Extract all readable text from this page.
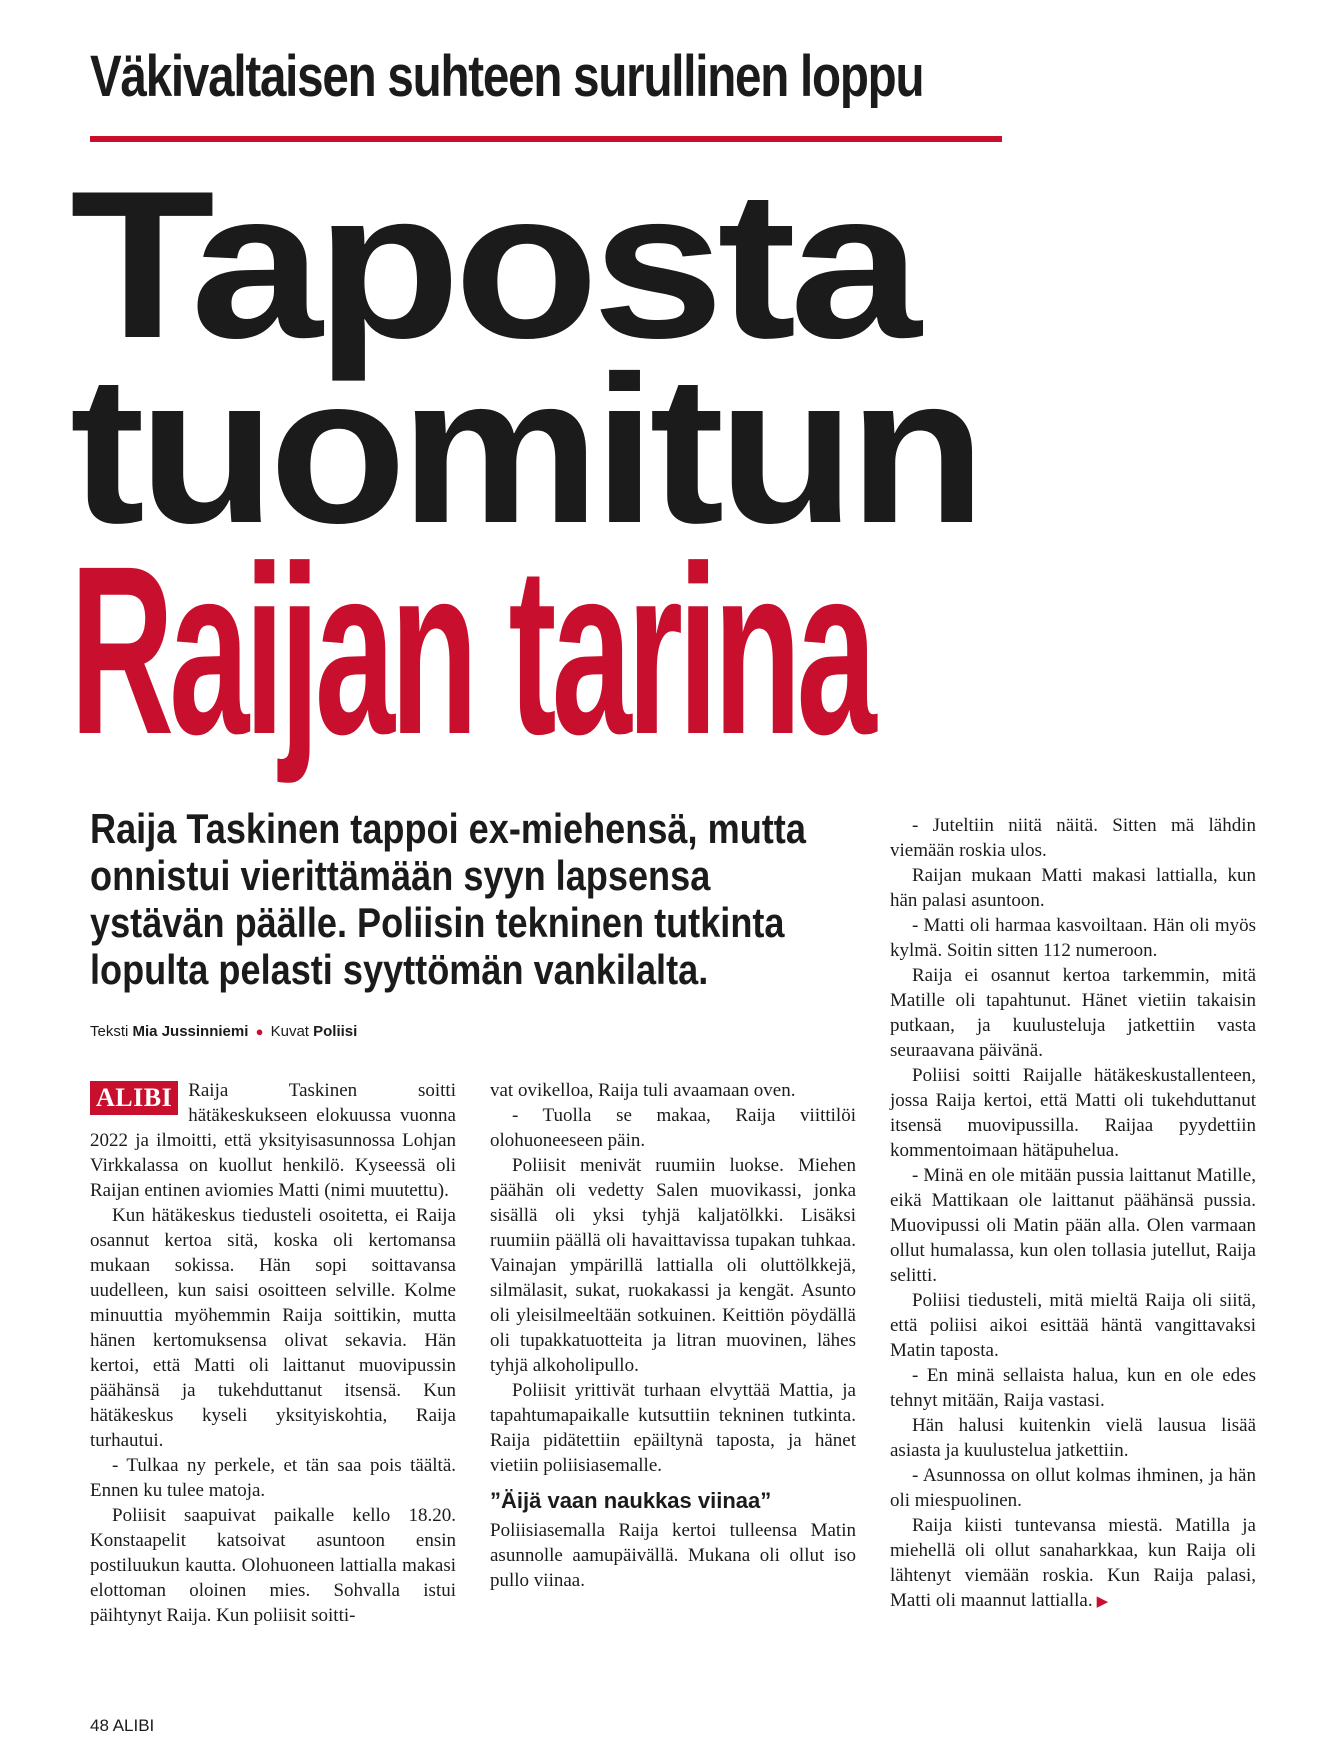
Väkivaltaisen suhteen surullinen loppu
Taposta
tuomitun
Raijan tarina
Raija Taskinen tappoi ex-miehensä, mutta
onnistui vierittämään syyn lapsensa
ystävän päälle. Poliisin tekninen tutkinta
lopulta pelasti syyttömän vankilalta.
Teksti Mia Jussinniemi ● Kuvat Poliisi
ALIBI Raija Taskinen soitti hätäkeskukseen elokuussa vuonna 2022 ja ilmoitti, että yksityisasunnossa Lohjan Virkkalassa on kuollut henkilö. Kyseessä oli Raijan entinen aviomies Matti (nimi muutettu).

Kun hätäkeskus tiedusteli osoitetta, ei Raija osannut kertoa sitä, koska oli kertomansa mukaan sokissa. Hän sopi soittavansa uudelleen, kun saisi osoitteen selville. Kolme minuuttia myöhemmin Raija soittikin, mutta hänen kertomuksensa olivat sekavia. Hän kertoi, että Matti oli laittanut muovipussin päähänsä ja tukehduttanut itsensä. Kun hätäkeskus kyseli yksityiskohtia, Raija turhautui.

- Tulkaa ny perkele, et tän saa pois täältä. Ennen ku tulee matoja.

Poliisit saapuivat paikalle kello 18.20. Konstaapelit katsoivat asuntoon ensin postiluukun kautta. Olohuoneen lattialla makasi elottoman oloinen mies. Sohvalla istui päihtynyt Raija. Kun poliisit soitti-

vat ovikelloa, Raija tuli avaamaan oven.

- Tuolla se makaa, Raija viittilöi olohuoneeseen päin.

Poliisit menivät ruumiin luokse. Miehen päähän oli vedetty Salen muovikassi, jonka sisällä oli yksi tyhjä kaljatölkki. Lisäksi ruumiin päällä oli havaittavissa tupakan tuhkaa. Vainajan ympärillä lattialla oli oluttölkkejä, silmälasit, sukat, ruokakassi ja kengät. Asunto oli yleisilmeeltään sotkuinen. Keittiön pöydällä oli tupakkatuotteita ja litran muovinen, lähes tyhjä alkoholipullo.

Poliisit yrittivät turhaan elvyttää Mattia, ja tapahtumapaikalle kutsuttiin tekninen tutkinta. Raija pidätettiin epäiltynä taposta, ja hänet vietiin poliisiasemalle.

”Äijä vaan naukkas viinaa”

Poliisiasemalla Raija kertoi tulleensa Matin asunnolle aamupäivällä. Mukana oli ollut iso pullo viinaa.

- Juteltiin niitä näitä. Sitten mä lähdin viemään roskia ulos.

Raijan mukaan Matti makasi lattialla, kun hän palasi asuntoon.

- Matti oli harmaa kasvoiltaan. Hän oli myös kylmä. Soitin sitten 112 numeroon.

Raija ei osannut kertoa tarkemmin, mitä Matille oli tapahtunut. Hänet vietiin takaisin putkaan, ja kuulusteluja jatkettiin vasta seuraavana päivänä.

Poliisi soitti Raijalle hätäkeskustallenteen, jossa Raija kertoi, että Matti oli tukehduttanut itsensä muovipussilla. Raijaa pyydettiin kommentoimaan hätäpuhelua.

- Minä en ole mitään pussia laittanut Matille, eikä Mattikaan ole laittanut päähänsä pussia. Muovipussi oli Matin pään alla. Olen varmaan ollut humalassa, kun olen tollasia jutellut, Raija selitti.

Poliisi tiedusteli, mitä mieltä Raija oli siitä, että poliisi aikoi esittää häntä vangittavaksi Matin taposta.

- En minä sellaista halua, kun en ole edes tehnyt mitään, Raija vastasi.

Hän halusi kuitenkin vielä lausua lisää asiasta ja kuulustelua jatkettiin.

- Asunnossa on ollut kolmas ihminen, ja hän oli miespuolinen.

Raija kiisti tuntevansa miestä. Matilla ja miehellä oli ollut sanaharkkaa, kun Raija oli lähtenyt viemään roskia. Kun Raija palasi, Matti oli maannut lattialla. ▶

48 ALIBI
